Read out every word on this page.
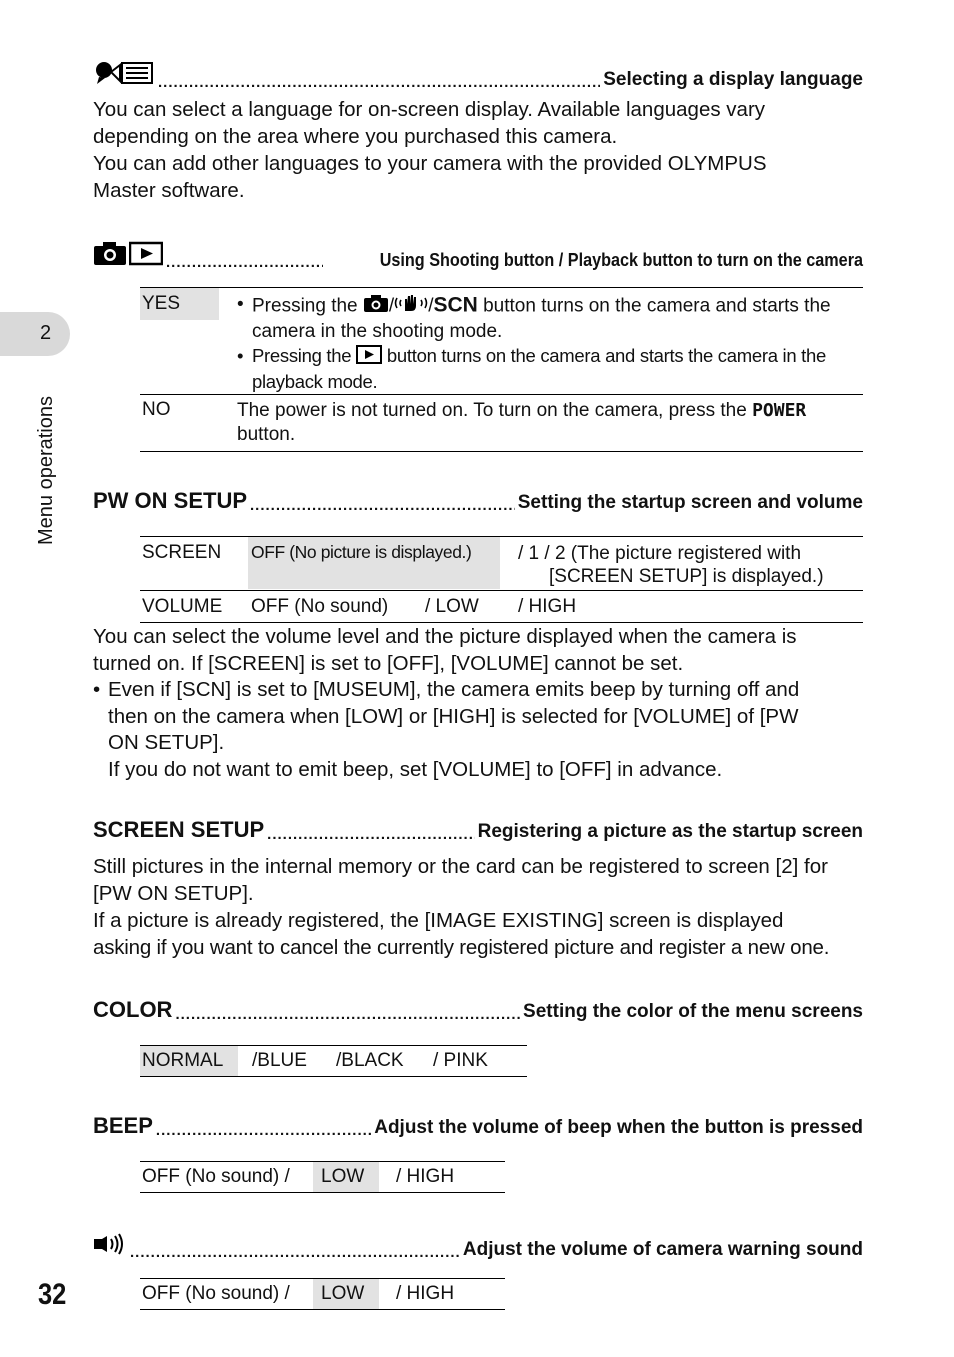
2
Menu operations
32
.....
Selecting a display language
You can select a language for on-screen display. Available languages vary
depending on the area where you purchased this camera.
You can add other languages to your camera with the provided OLYMPUS
Master software.
.....
Using Shooting button / Playback button to turn on the camera
YES	• Pressing the / /SCN button turns on the camera and starts the
camera in the shooting mode.
• Pressing the button turns on the camera and starts the camera in the
playback mode.
NO	The power is not turned on. To turn on the camera, press the POWER
button.
PW ON SETUP .....	Setting the startup screen and volume
SCREEN OFF (No picture is displayed.) / 1 / 2 (The picture registered with
[SCREEN SETUP] is displayed.)
VOLUME OFF (No sound) / LOW / HIGH
You can select the volume level and the picture displayed when the camera is
turned on. If [SCREEN] is set to [OFF], [VOLUME] cannot be set.
• Even if [SCN] is set to [MUSEUM], the camera emits beep by turning off and
then on the camera when [LOW] or [HIGH] is selected for [VOLUME] of [PW
ON SETUP].
If you do not want to emit beep, set [VOLUME] to [OFF] in advance.
SCREEN SETUP .....	Registering a picture as the startup screen
Still pictures in the internal memory or the card can be registered to screen [2] for
[PW ON SETUP].
If a picture is already registered, the [IMAGE EXISTING] screen is displayed
asking if you want to cancel the currently registered picture and register a new one.
COLOR .....	Setting the color of the menu screens
NORMAL /BLUE /BLACK / PINK
BEEP .....	Adjust the volume of beep when the button is pressed
OFF (No sound) / LOW / HIGH
.....
Adjust the volume of camera warning sound
OFF (No sound) / LOW / HIGH
